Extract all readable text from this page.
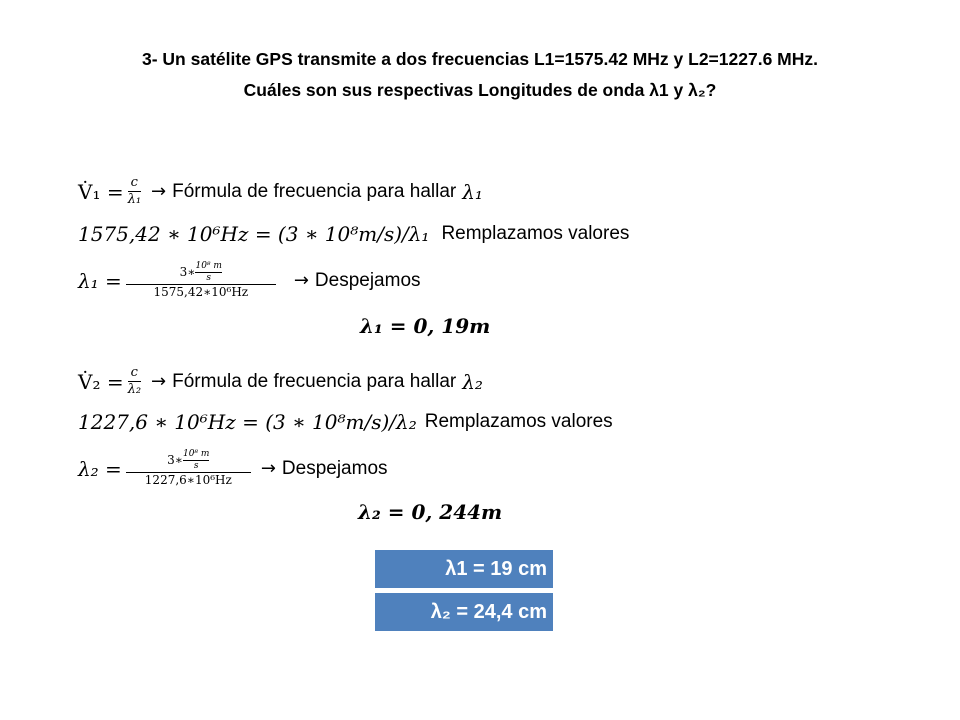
3- Un satélite GPS transmite a dos frecuencias L1=1575.42 MHz y L2=1227.6 MHz.
Cuáles son sus respectivas Longitudes de onda λ1 y λ₂?
V̇₁ = $\frac{c}{\text{λ₁}}$ → Fórmula de frecuencia para hallar λ₁
1575,42 ∗ 10⁶Hz = (3 ∗ 10⁸m/s)/λ₁ Remplazamos valores
λ₁ = 3∗ 10⁸ m
s
1575,42∗10⁶Hz → Despejamos
λ₁ = 0, 19m
V̇₂ = $\frac{c}{\text{λ₂}}$ → Fórmula de frecuencia para hallar λ₂
1227,6 ∗ 10⁶Hz = (3 ∗ 10⁸m/s)/λ₂ Remplazamos valores
λ₂ = 3∗ 10⁸ m
s
1227,6∗10⁶Hz → Despejamos
λ₂ = 0, 244m
λ1 = 19 cm
λ₂ = 24,4 cm
